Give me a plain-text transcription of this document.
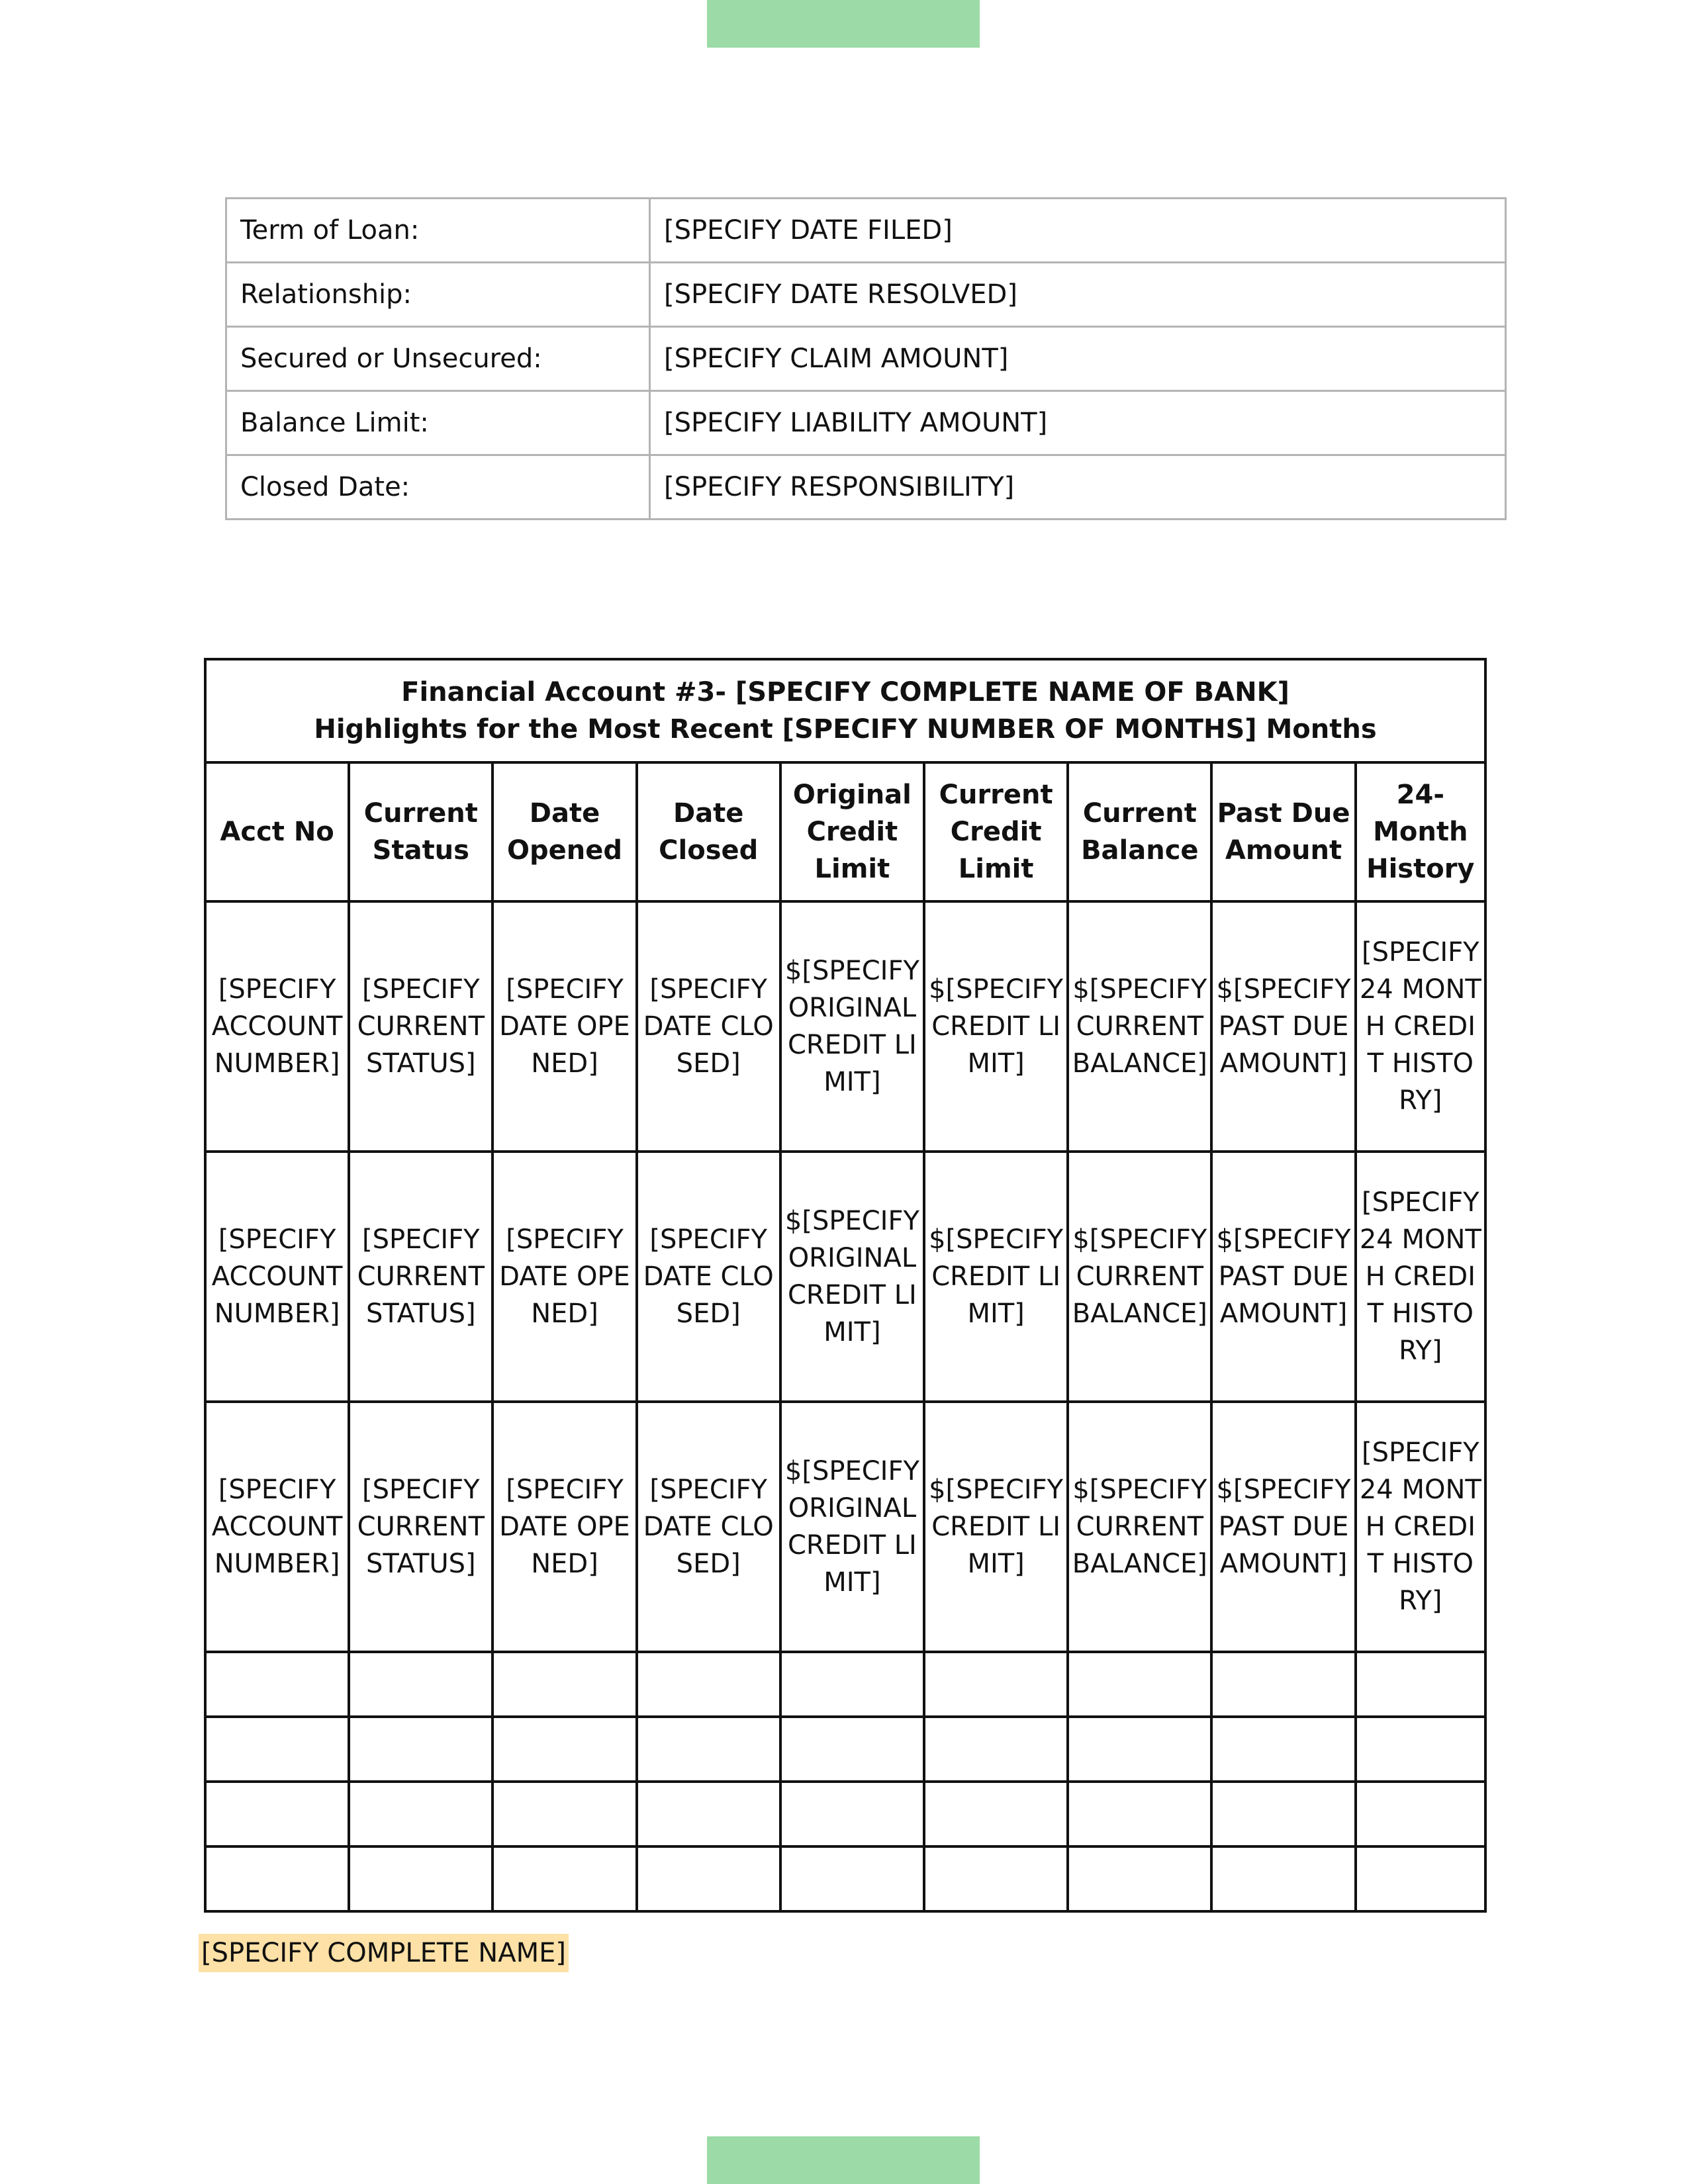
Term of Loan:	[SPECIFY DATE FILED]
Relationship:	[SPECIFY DATE RESOLVED]
Secured or Unsecured:	[SPECIFY CLAIM AMOUNT]
Balance Limit:	[SPECIFY LIABILITY AMOUNT]
Closed Date:	[SPECIFY RESPONSIBILITY]
Financial Account #3- [SPECIFY COMPLETE NAME OF BANK]
Highlights for the Most Recent [SPECIFY NUMBER OF MONTHS] Months								

Acct No	Current Status	Date Opened	Date Closed	Original Credit Limit	Current Credit Limit	Current Balance	Past Due Amount	24-Month History
[SPECIFY ACCOUNT NUMBER]	[SPECIFY CURRENT STATUS]	[SPECIFY DATE OPENED]	[SPECIFY DATE CLOSED]	$[SPECIFY ORIGINAL CREDIT LIMIT]	$[SPECIFY CREDIT LIMIT]	$[SPECIFY CURRENT BALANCE]	$[SPECIFY PAST DUE AMOUNT]	[SPECIFY 24 MONTH CREDIT HISTORY]
[SPECIFY ACCOUNT NUMBER]	[SPECIFY CURRENT STATUS]	[SPECIFY DATE OPENED]	[SPECIFY DATE CLOSED]	$[SPECIFY ORIGINAL CREDIT LIMIT]	$[SPECIFY CREDIT LIMIT]	$[SPECIFY CURRENT BALANCE]	$[SPECIFY PAST DUE AMOUNT]	[SPECIFY 24 MONTH CREDIT HISTORY]
[SPECIFY ACCOUNT NUMBER]	[SPECIFY CURRENT STATUS]	[SPECIFY DATE OPENED]	[SPECIFY DATE CLOSED]	$[SPECIFY ORIGINAL CREDIT LIMIT]	$[SPECIFY CREDIT LIMIT]	$[SPECIFY CURRENT BALANCE]	$[SPECIFY PAST DUE AMOUNT]	[SPECIFY 24 MONTH CREDIT HISTORY]

[SPECIFY COMPLETE NAME]
